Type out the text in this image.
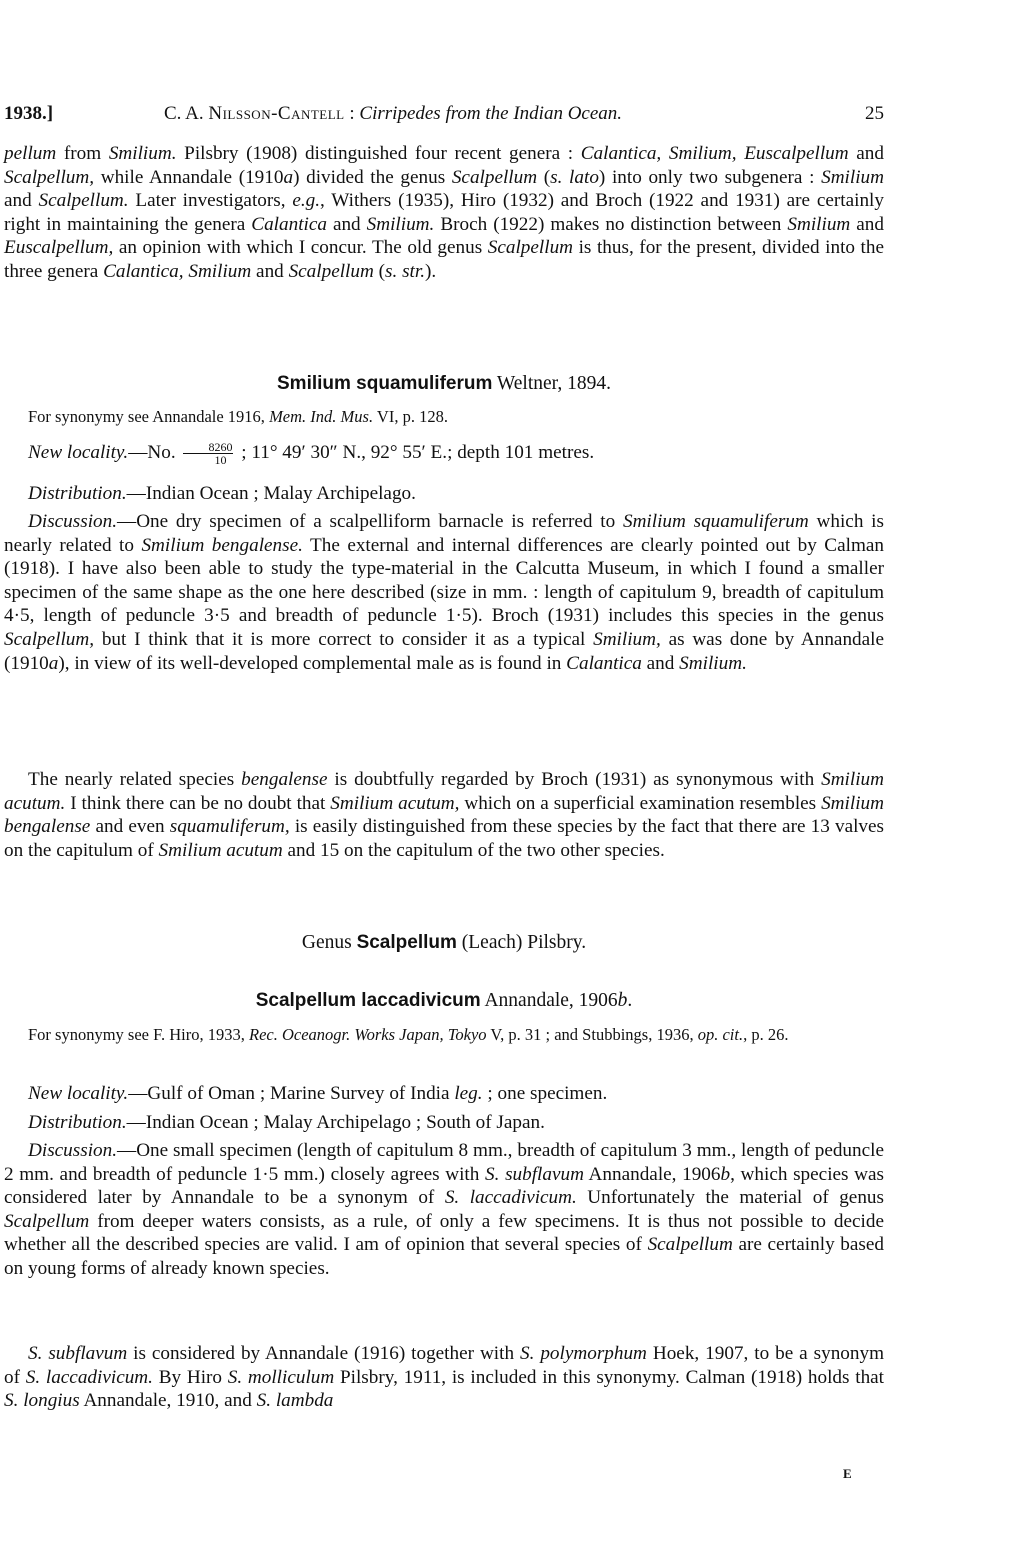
1938.]	C. A. Nilsson-Cantell : Cirripedes from the Indian Ocean.	25

pellum from Smilium. Pilsbry (1908) distinguished four recent genera : Calantica, Smilium, Euscalpellum and Scalpellum, while Annandale (1910a) divided the genus Scalpellum (s. lato) into only two subgenera : Smilium and Scalpellum. Later investigators, e.g., Withers (1935), Hiro (1932) and Broch (1922 and 1931) are certainly right in maintaining the genera Calantica and Smilium. Broch (1922) makes no distinction between Smilium and Euscalpellum, an opinion with which I concur. The old genus Scalpellum is thus, for the present, divided into the three genera Calantica, Smilium and Scalpellum (s. str.).

Smilium squamuliferum Weltner, 1894.
For synonymy see Annandale 1916, Mem. Ind. Mus. VI, p. 128.

New locality.—No. $\frac{8260}{10}$ ; 11° 49′ 30″ N., 92° 55′ E.; depth 101 metres.

Distribution.—Indian Ocean ; Malay Archipelago.

Discussion.—One dry specimen of a scalpelliform barnacle is referred to Smilium squamuliferum which is nearly related to Smilium bengalense. The external and internal differences are clearly pointed out by Calman (1918). I have also been able to study the type-material in the Calcutta Museum, in which I found a smaller specimen of the same shape as the one here described (size in mm. : length of capitulum 9, breadth of capitulum 4·5, length of peduncle 3·5 and breadth of peduncle 1·5). Broch (1931) includes this species in the genus Scalpellum, but I think that it is more correct to consider it as a typical Smilium, as was done by Annandale (1910a), in view of its well-developed complemental male as is found in Calantica and Smilium.

The nearly related species bengalense is doubtfully regarded by Broch (1931) as synonymous with Smilium acutum. I think there can be no doubt that Smilium acutum, which on a superficial examination resembles Smilium bengalense and even squamuliferum, is easily distinguished from these species by the fact that there are 13 valves on the capitulum of Smilium acutum and 15 on the capitulum of the two other species.

Genus Scalpellum (Leach) Pilsbry.
Scalpellum laccadivicum Annandale, 1906b.
For synonymy see F. Hiro, 1933, Rec. Oceanogr. Works Japan, Tokyo V, p. 31 ; and Stubbings, 1936, op. cit., p. 26.

New locality.—Gulf of Oman ; Marine Survey of India leg. ; one specimen.

Distribution.—Indian Ocean ; Malay Archipelago ; South of Japan.

Discussion.—One small specimen (length of capitulum 8 mm., breadth of capitulum 3 mm., length of peduncle 2 mm. and breadth of peduncle 1·5 mm.) closely agrees with S. subflavum Annandale, 1906b, which species was considered later by Annandale to be a synonym of S. laccadivicum. Unfortunately the material of genus Scalpellum from deeper waters consists, as a rule, of only a few specimens. It is thus not possible to decide whether all the described species are valid. I am of opinion that several species of Scalpellum are certainly based on young forms of already known species.

S. subflavum is considered by Annandale (1916) together with S. polymorphum Hoek, 1907, to be a synonym of S. laccadivicum. By Hiro S. molliculum Pilsbry, 1911, is included in this synonymy. Calman (1918) holds that S. longius Annandale, 1910, and S. lambda

E
